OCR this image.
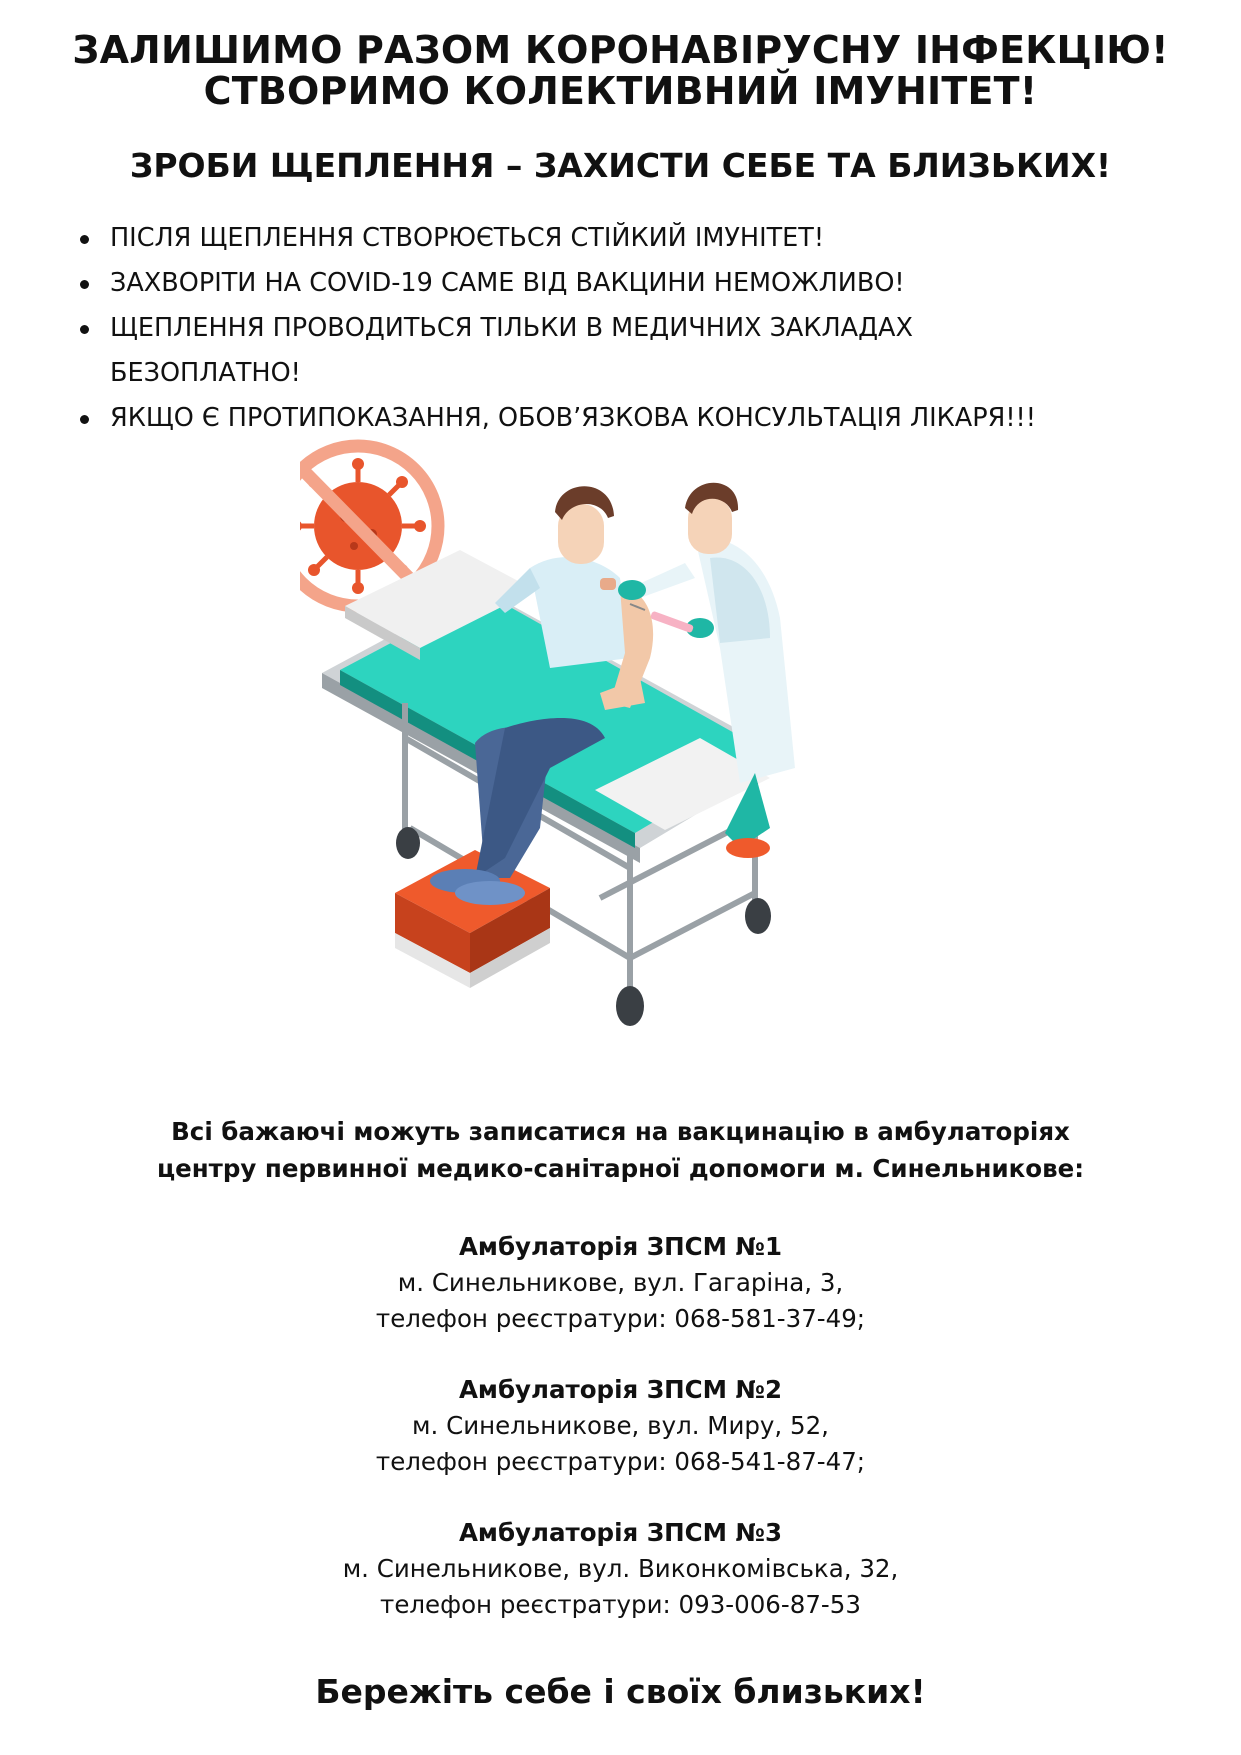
ЗАЛИШИМО РАЗОМ КОРОНАВІРУСНУ ІНФЕКЦІЮ!
СТВОРИМО КОЛЕКТИВНИЙ ІМУНІТЕТ!
ЗРОБИ ЩЕПЛЕННЯ – ЗАХИСТИ СЕБЕ ТА БЛИЗЬКИХ!
ПІСЛЯ ЩЕПЛЕННЯ СТВОРЮЄТЬСЯ СТІЙКИЙ ІМУНІТЕТ!
ЗАХВОРІТИ НА COVID-19 САМЕ ВІД ВАКЦИНИ НЕМОЖЛИВО!
ЩЕПЛЕННЯ ПРОВОДИТЬСЯ ТІЛЬКИ В МЕДИЧНИХ ЗАКЛАДАХ
БЕЗОПЛАТНО!
ЯКЩО Є ПРОТИПОКАЗАННЯ, ОБОВ’ЯЗКОВА КОНСУЛЬТАЦІЯ ЛІКАРЯ!!!
Всі бажаючі можуть записатися на вакцинацію в амбулаторіях
центру первинної медико-санітарної допомоги м. Синельникове:
Амбулаторія ЗПСМ №1
м. Синельникове, вул. Гагаріна, 3,
телефон реєстратури: 068-581-37-49;
Амбулаторія ЗПСМ №2
м. Синельникове, вул. Миру, 52,
телефон реєстратури: 068-541-87-47;
Амбулаторія ЗПСМ №3
м. Синельникове, вул. Виконкомівська, 32,
телефон реєстратури: 093-006-87-53
Бережіть себе і своїх близьких!
